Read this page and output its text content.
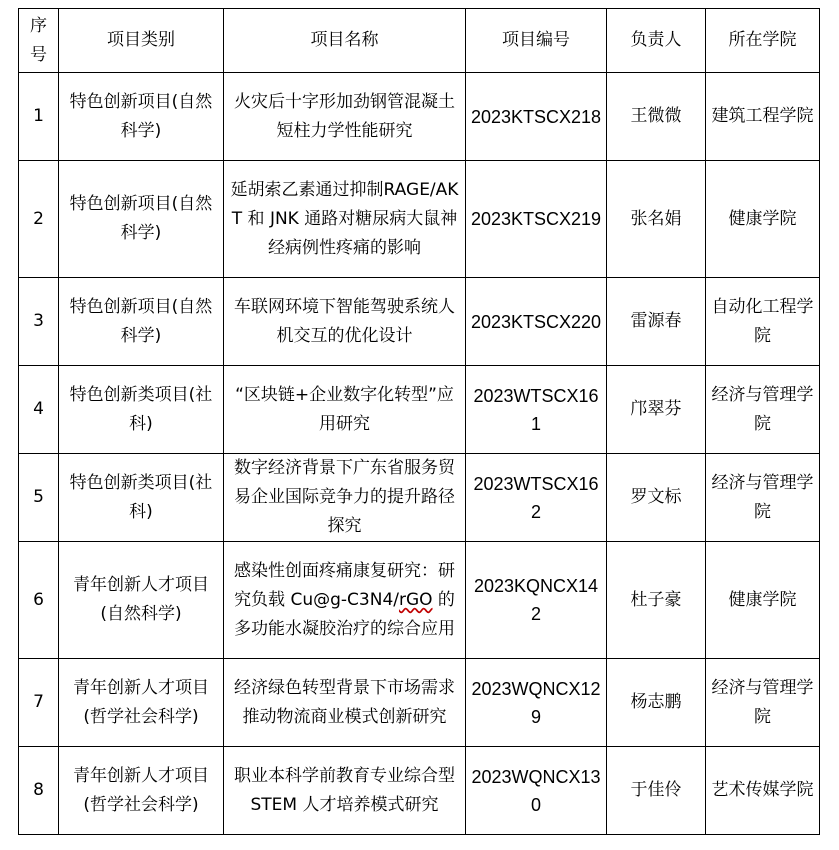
序号	项目类别	项目名称	项目编号	负责人	所在学院
1	特色创新项目(自然科学)	火灾后十字形加劲钢管混凝土短柱力学性能研究	2023KTSCX218	王微微	建筑工程学院
2	特色创新项目(自然科学)	延胡索乙素通过抑制RAGE/AKT 和 JNK 通路对糖尿病大鼠神经病例性疼痛的影响	2023KTSCX219	张名娟	健康学院
3	特色创新项目(自然科学)	车联网环境下智能驾驶系统人机交互的优化设计	2023KTSCX220	雷源春	自动化工程学院
4	特色创新类项目(社科)	“区块链+企业数字化转型”应用研究	2023WTSCX161	邝翠芬	经济与管理学院
5	特色创新类项目(社科)	数字经济背景下广东省服务贸易企业国际竞争力的提升路径探究	2023WTSCX162	罗文标	经济与管理学院
6	青年创新人才项目(自然科学)	感染性创面疼痛康复研究：研究负载 Cu@g-C3N4/rGO 的多功能水凝胶治疗的综合应用	2023KQNCX142	杜子豪	健康学院
7	青年创新人才项目(哲学社会科学)	经济绿色转型背景下市场需求推动物流商业模式创新研究	2023WQNCX129	杨志鹏	经济与管理学院
8	青年创新人才项目(哲学社会科学)	职业本科学前教育专业综合型 STEM 人才培养模式研究	2023WQNCX130	于佳伶	艺术传媒学院
